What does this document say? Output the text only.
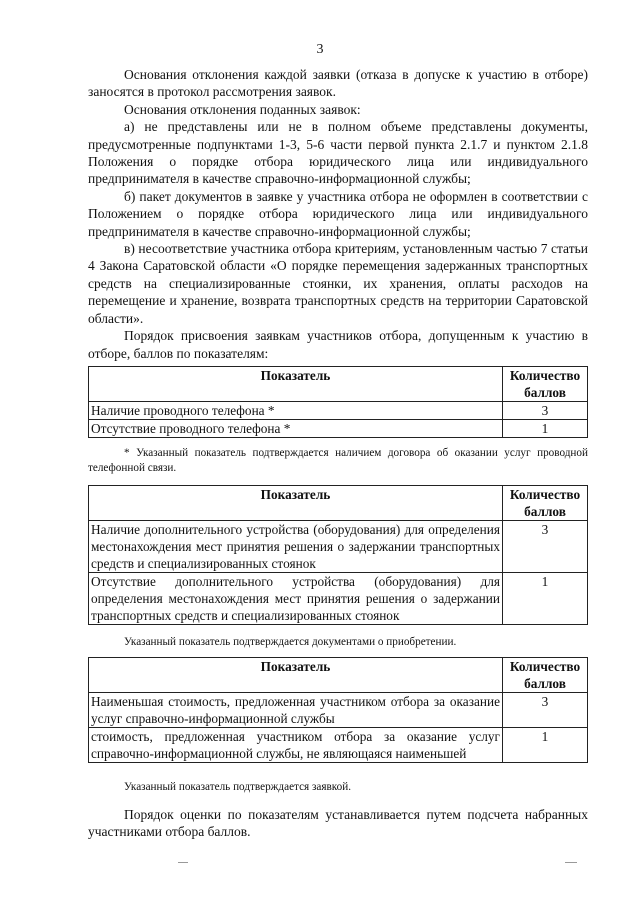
3

Основания отклонения каждой заявки (отказа в допуске к участию в отборе) заносятся в протокол рассмотрения заявок.

Основания отклонения поданных заявок:

а) не представлены или не в полном объеме представлены документы, предусмотренные подпунктами 1-3, 5-6 части первой пункта 2.1.7 и пунктом 2.1.8 Положения о порядке отбора юридического лица или индивидуального предпринимателя в качестве справочно-информационной службы;

б) пакет документов в заявке у участника отбора не оформлен в соответствии с Положением о порядке отбора юридического лица или индивидуального предпринимателя в качестве справочно-информационной службы;

в) несоответствие участника отбора критериям, установленным частью 7 статьи 4 Закона Саратовской области «О порядке перемещения задержанных транспортных средств на специализированные стоянки, их хранения, оплаты расходов на перемещение и хранение, возврата транспортных средств на территории Саратовской области».

Порядок присвоения заявкам участников отбора, допущенным к участию в отборе, баллов по показателям:

Показатель	Количество баллов
Наличие проводного телефона *	3
Отсутствие проводного телефона *	1
* Указанный показатель подтверждается наличием договора об оказании услуг проводной телефонной связи.
Показатель	Количество баллов
Наличие дополнительного устройства (оборудования) для определения местонахождения мест принятия решения о задержании транспортных средств и специализированных стоянок	3
Отсутствие дополнительного устройства (оборудования) для определения местонахождения мест принятия решения о задержании транспортных средств и специализированных стоянок	1
Указанный показатель подтверждается документами о приобретении.
Показатель	Количество баллов
Наименьшая стоимость, предложенная участником отбора за оказание услуг справочно-информационной службы	3
стоимость, предложенная участником отбора за оказание услуг справочно-информационной службы, не являющаяся наименьшей	1
Указанный показатель подтверждается заявкой.

Порядок оценки по показателям устанавливается путем подсчета набранных участниками отбора баллов.
